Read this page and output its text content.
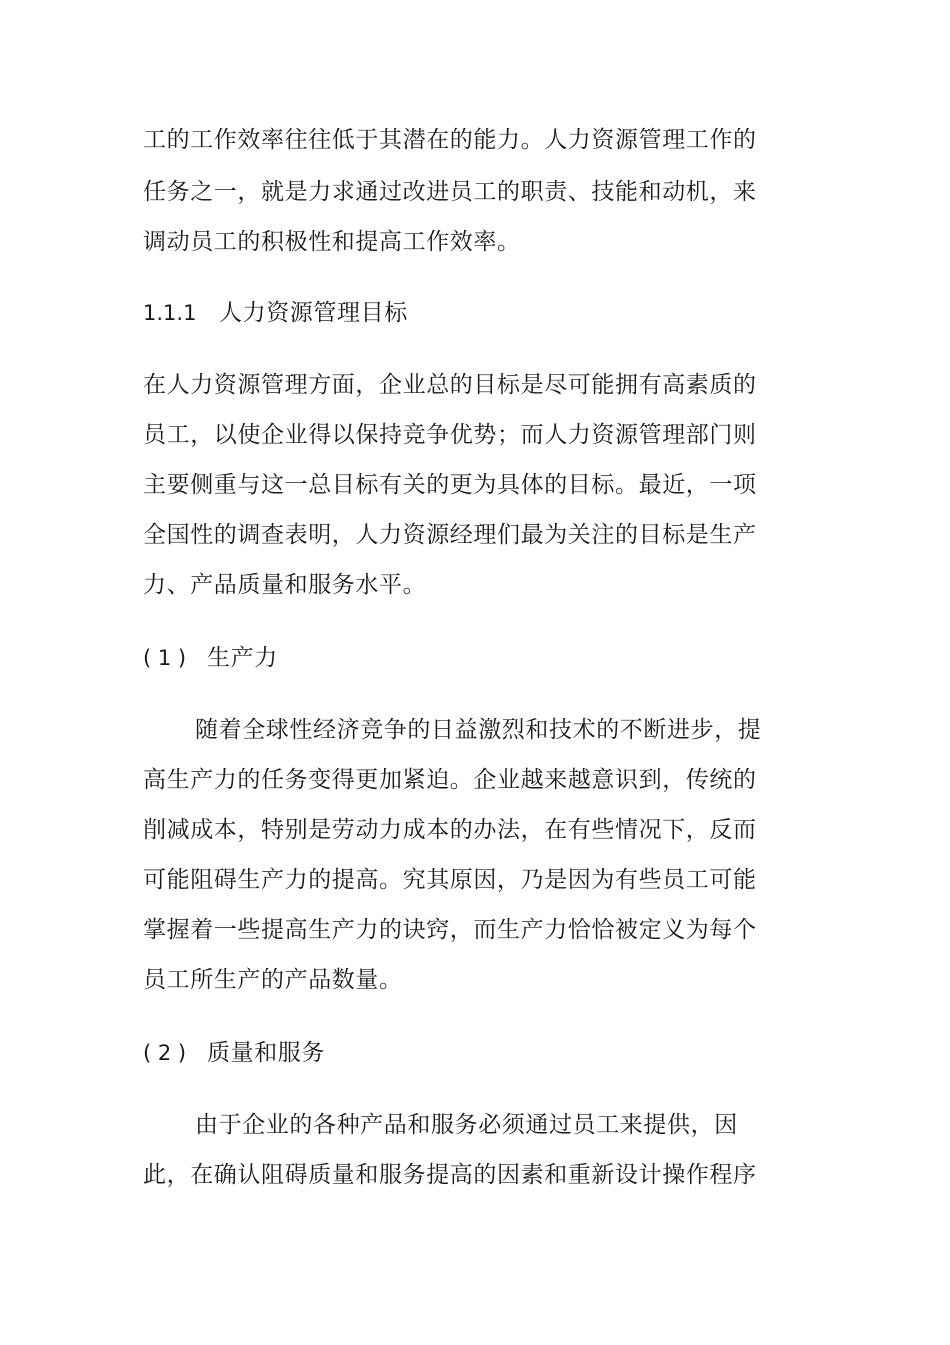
工的工作效率往往低于其潜在的能力。人力资源管理工作的
任务之一，就是力求通过改进员工的职责、技能和动机，来
调动员工的积极性和提高工作效率。
1.1.1 人力资源管理目标
在人力资源管理方面，企业总的目标是尽可能拥有高素质的
员工，以使企业得以保持竞争优势；而人力资源管理部门则
主要侧重与这一总目标有关的更为具体的目标。最近，一项
全国性的调查表明，人力资源经理们最为关注的目标是生产
力、产品质量和服务水平。
( 1 ) 生产力
随着全球性经济竞争的日益激烈和技术的不断进步，提
高生产力的任务变得更加紧迫。企业越来越意识到，传统的
削减成本，特别是劳动力成本的办法，在有些情况下，反而
可能阻碍生产力的提高。究其原因，乃是因为有些员工可能
掌握着一些提高生产力的诀窍，而生产力恰恰被定义为每个
员工所生产的产品数量。
( 2 ) 质量和服务
由于企业的各种产品和服务必须通过员工来提供，因
此，在确认阻碍质量和服务提高的因素和重新设计操作程序
